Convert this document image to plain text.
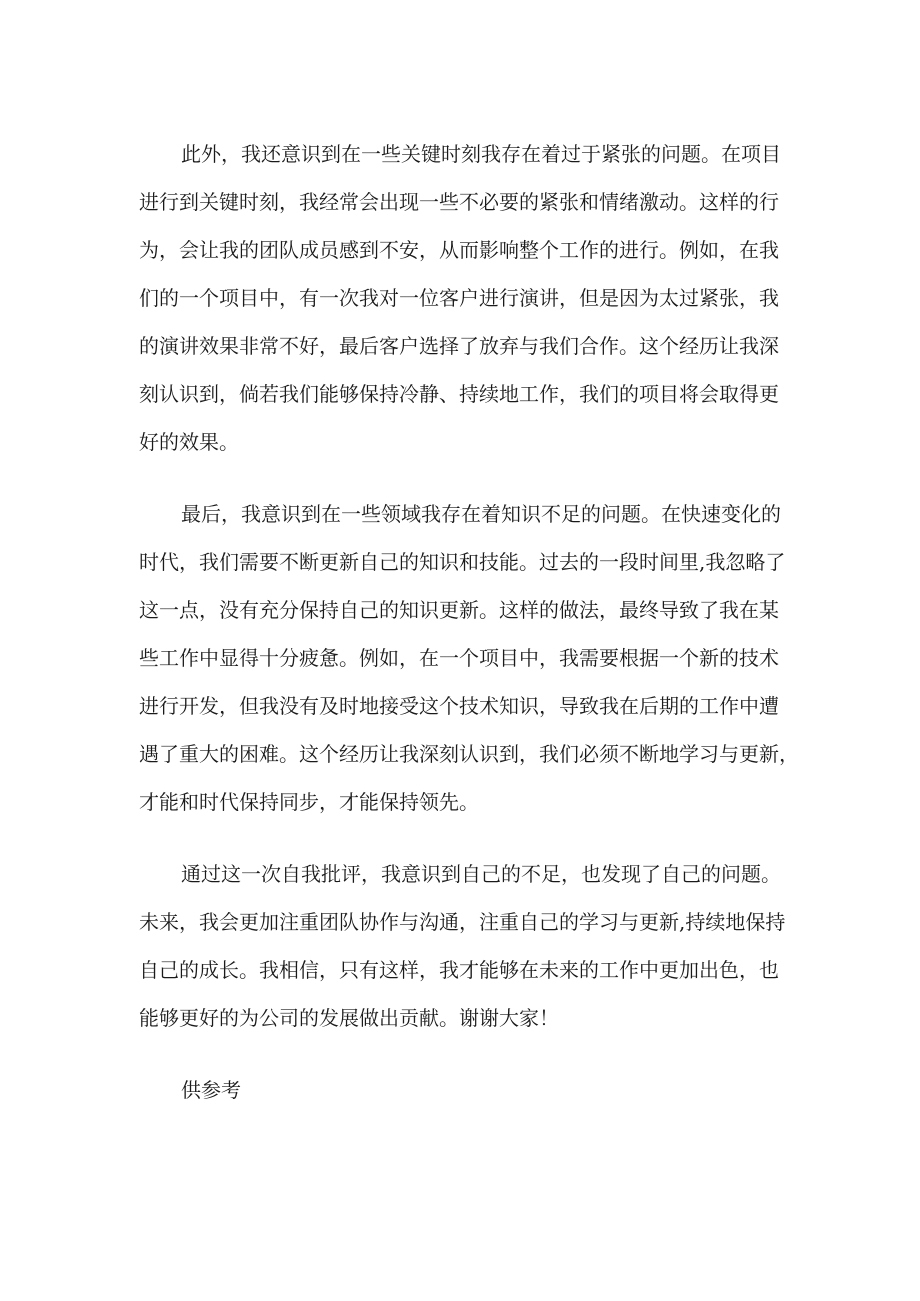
此外，我还意识到在一些关键时刻我存在着过于紧张的问题。在项目
进行到关键时刻，我经常会出现一些不必要的紧张和情绪激动。这样的行
为，会让我的团队成员感到不安，从而影响整个工作的进行。例如，在我
们的一个项目中，有一次我对一位客户进行演讲，但是因为太过紧张，我
的演讲效果非常不好，最后客户选择了放弃与我们合作。这个经历让我深
刻认识到，倘若我们能够保持冷静、持续地工作，我们的项目将会取得更
好的效果。
最后，我意识到在一些领域我存在着知识不足的问题。在快速变化的
时代，我们需要不断更新自己的知识和技能。过去的一段时间里,我忽略了
这一点，没有充分保持自己的知识更新。这样的做法，最终导致了我在某
些工作中显得十分疲惫。例如，在一个项目中，我需要根据一个新的技术
进行开发，但我没有及时地接受这个技术知识，导致我在后期的工作中遭
遇了重大的困难。这个经历让我深刻认识到，我们必须不断地学习与更新，
才能和时代保持同步，才能保持领先。
通过这一次自我批评，我意识到自己的不足，也发现了自己的问题。
未来，我会更加注重团队协作与沟通，注重自己的学习与更新,持续地保持
自己的成长。我相信，只有这样，我才能够在未来的工作中更加出色，也
能够更好的为公司的发展做出贡献。谢谢大家！
供参考
